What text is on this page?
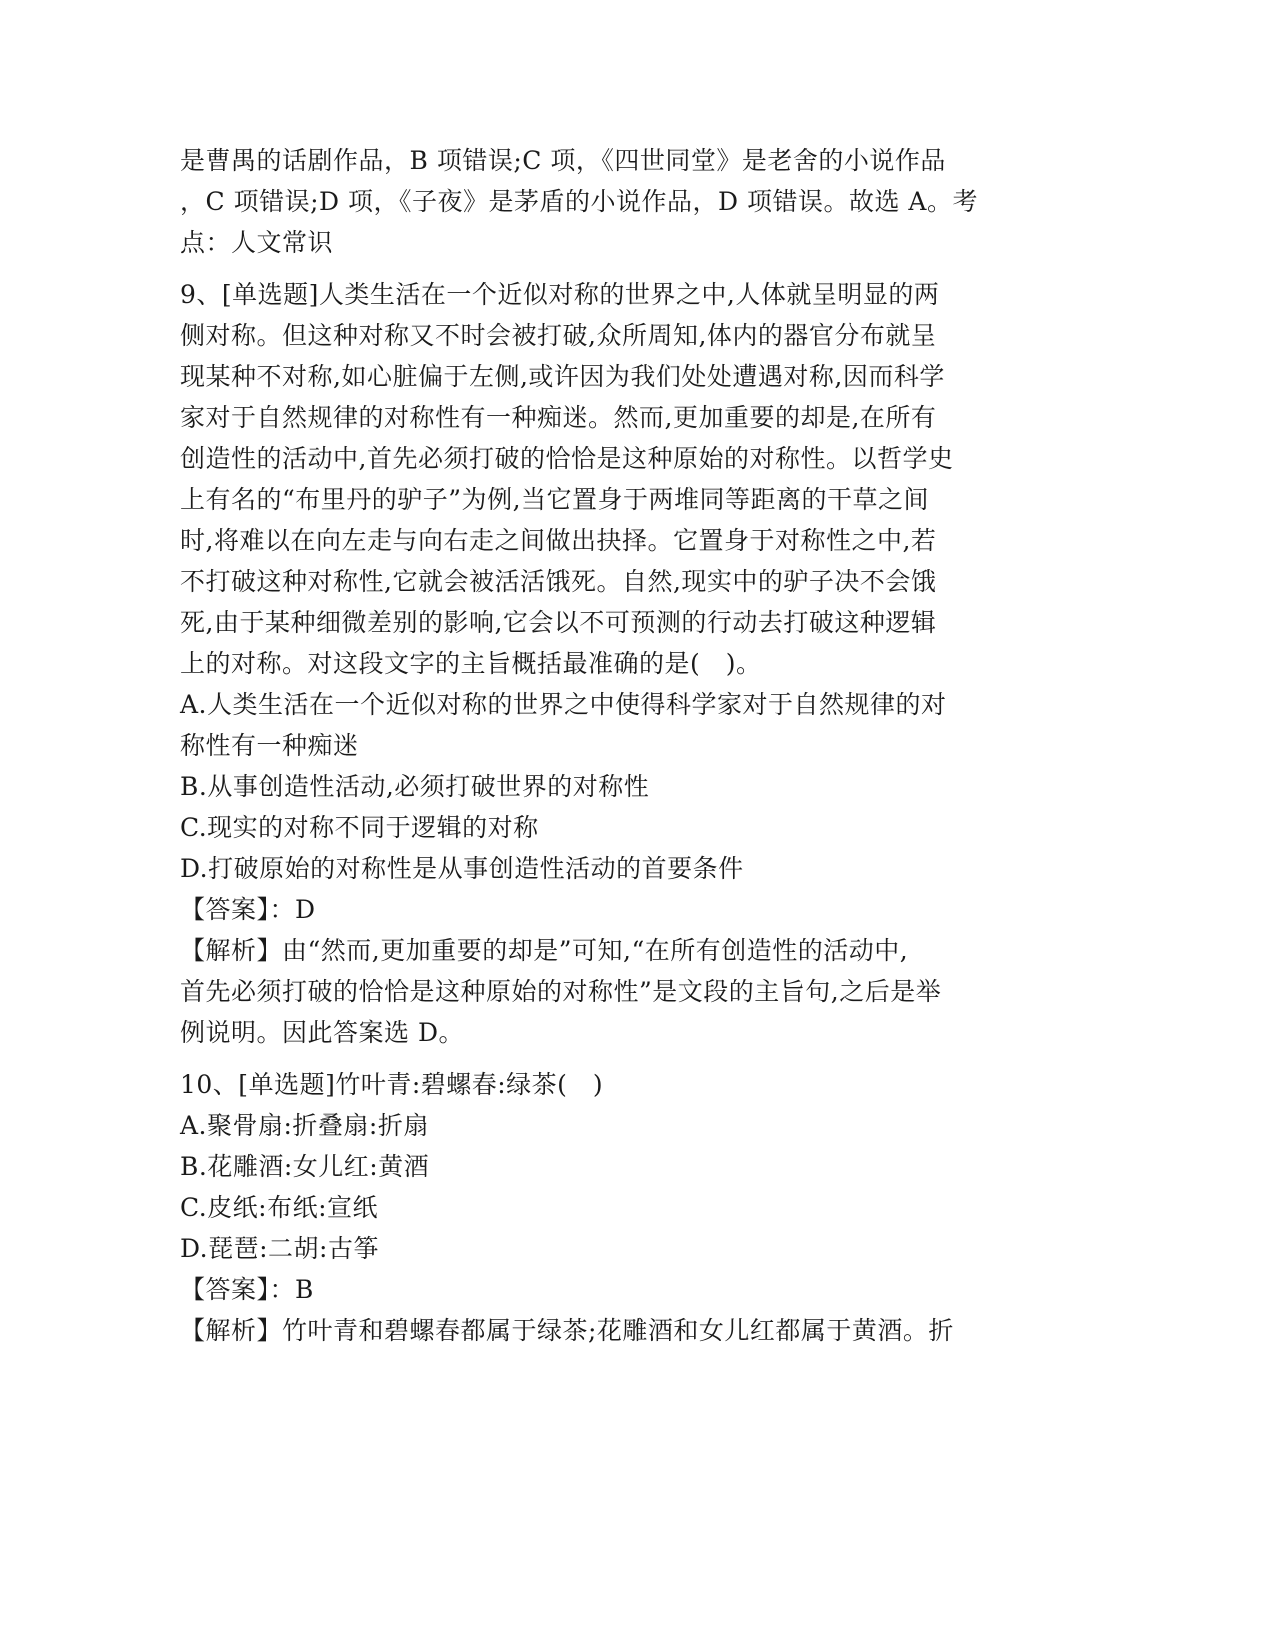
是曹禺的话剧作品，B 项错误;C 项，《四世同堂》是老舍的小说作品
，C 项错误;D 项，《子夜》是茅盾的小说作品，D 项错误。故选 A。考
点：人文常识
9、[单选题]人类生活在一个近似对称的世界之中,人体就呈明显的两
侧对称。但这种对称又不时会被打破,众所周知,体内的器官分布就呈
现某种不对称,如心脏偏于左侧,或许因为我们处处遭遇对称,因而科学
家对于自然规律的对称性有一种痴迷。然而,更加重要的却是,在所有
创造性的活动中,首先必须打破的恰恰是这种原始的对称性。以哲学史
上有名的“布里丹的驴子”为例,当它置身于两堆同等距离的干草之间
时,将难以在向左走与向右走之间做出抉择。它置身于对称性之中,若
不打破这种对称性,它就会被活活饿死。自然,现实中的驴子决不会饿
死,由于某种细微差别的影响,它会以不可预测的行动去打破这种逻辑
上的对称。对这段文字的主旨概括最准确的是(　)。
A.人类生活在一个近似对称的世界之中使得科学家对于自然规律的对
称性有一种痴迷
B.从事创造性活动,必须打破世界的对称性
C.现实的对称不同于逻辑的对称
D.打破原始的对称性是从事创造性活动的首要条件
【答案】：D
【解析】由“然而,更加重要的却是”可知,“在所有创造性的活动中,
首先必须打破的恰恰是这种原始的对称性”是文段的主旨句,之后是举
例说明。因此答案选 D。
10、[单选题]竹叶青:碧螺春:绿茶(　)
A.聚骨扇:折叠扇:折扇
B.花雕酒:女儿红:黄酒
C.皮纸:布纸:宣纸
D.琵琶:二胡:古筝
【答案】：B
【解析】竹叶青和碧螺春都属于绿茶;花雕酒和女儿红都属于黄酒。折
